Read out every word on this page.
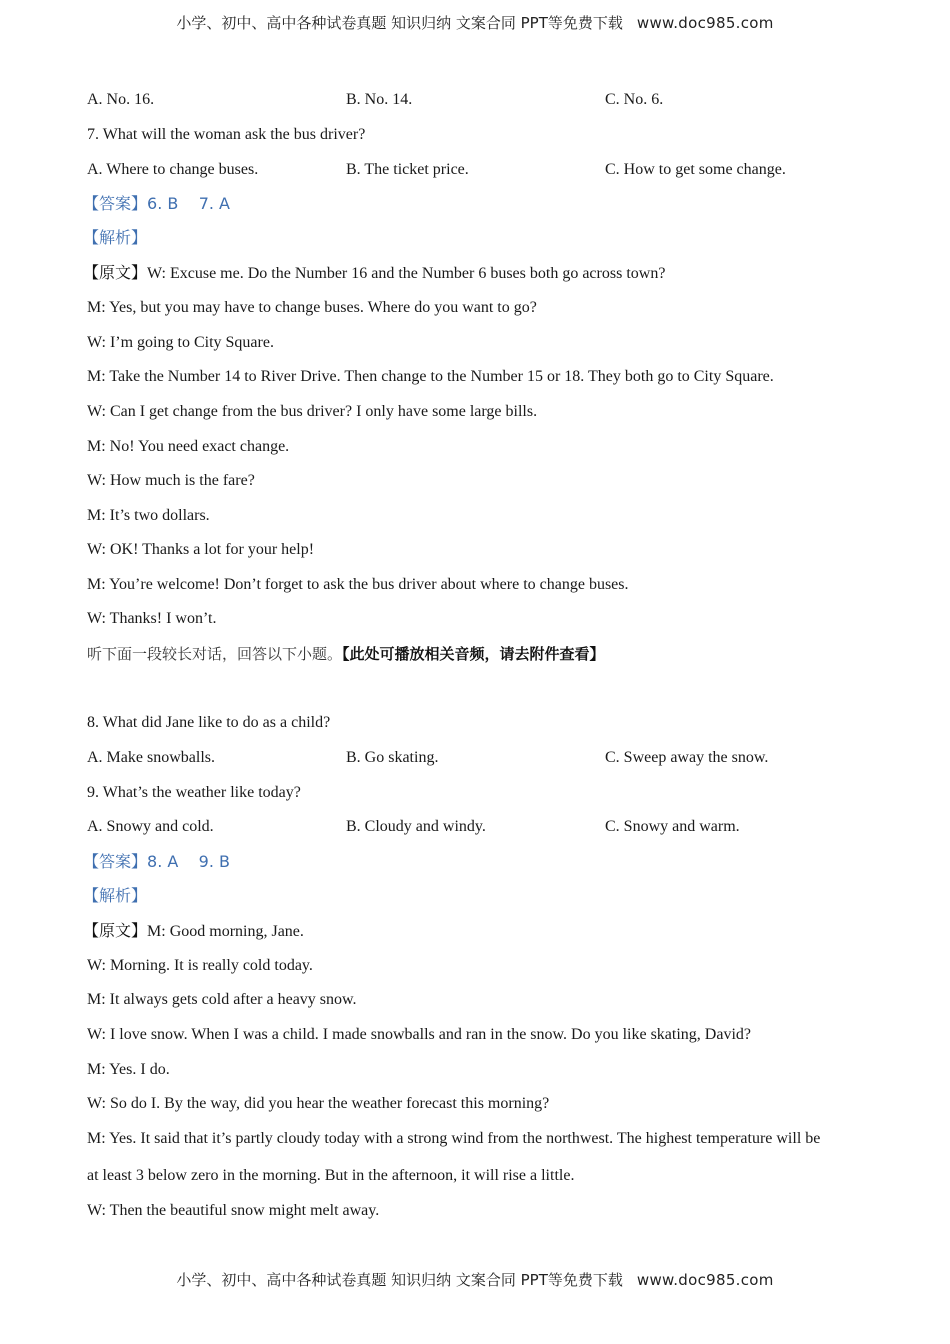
小学、初中、高中各种试卷真题 知识归纳 文案合同 PPT等免费下载 www.doc985.com
A. No. 16.	B. No. 14.	C. No. 6.
7. What will the woman ask the bus driver?
A. Where to change buses.	B. The ticket price.	C. How to get some change.
【答案】6. B    7. A
【解析】
【原文】W: Excuse me. Do the Number 16 and the Number 6 buses both go across town?
M: Yes, but you may have to change buses. Where do you want to go?
W: I’m going to City Square.
M: Take the Number 14 to River Drive. Then change to the Number 15 or 18. They both go to City Square.
W: Can I get change from the bus driver? I only have some large bills.
M: No! You need exact change.
W: How much is the fare?
M: It’s two dollars.
W: OK! Thanks a lot for your help!
M: You’re welcome! Don’t forget to ask the bus driver about where to change buses.
W: Thanks! I won’t.
听下面一段较长对话，回答以下小题。【此处可播放相关音频，请去附件查看】
8. What did Jane like to do as a child?
A. Make snowballs.	B. Go skating.	C. Sweep away the snow.
9. What’s the weather like today?
A. Snowy and cold.	B. Cloudy and windy.	C. Snowy and warm.
【答案】8. A    9. B
【解析】
【原文】M: Good morning, Jane.
W: Morning. It is really cold today.
M: It always gets cold after a heavy snow.
W: I love snow. When I was a child. I made snowballs and ran in the snow. Do you like skating, David?
M: Yes. I do.
W: So do I. By the way, did you hear the weather forecast this morning?
M: Yes. It said that it’s partly cloudy today with a strong wind from the northwest. The highest temperature will be
at least 3 below zero in the morning. But in the afternoon, it will rise a little.
W: Then the beautiful snow might melt away.
小学、初中、高中各种试卷真题 知识归纳 文案合同 PPT等免费下载 www.doc985.com
